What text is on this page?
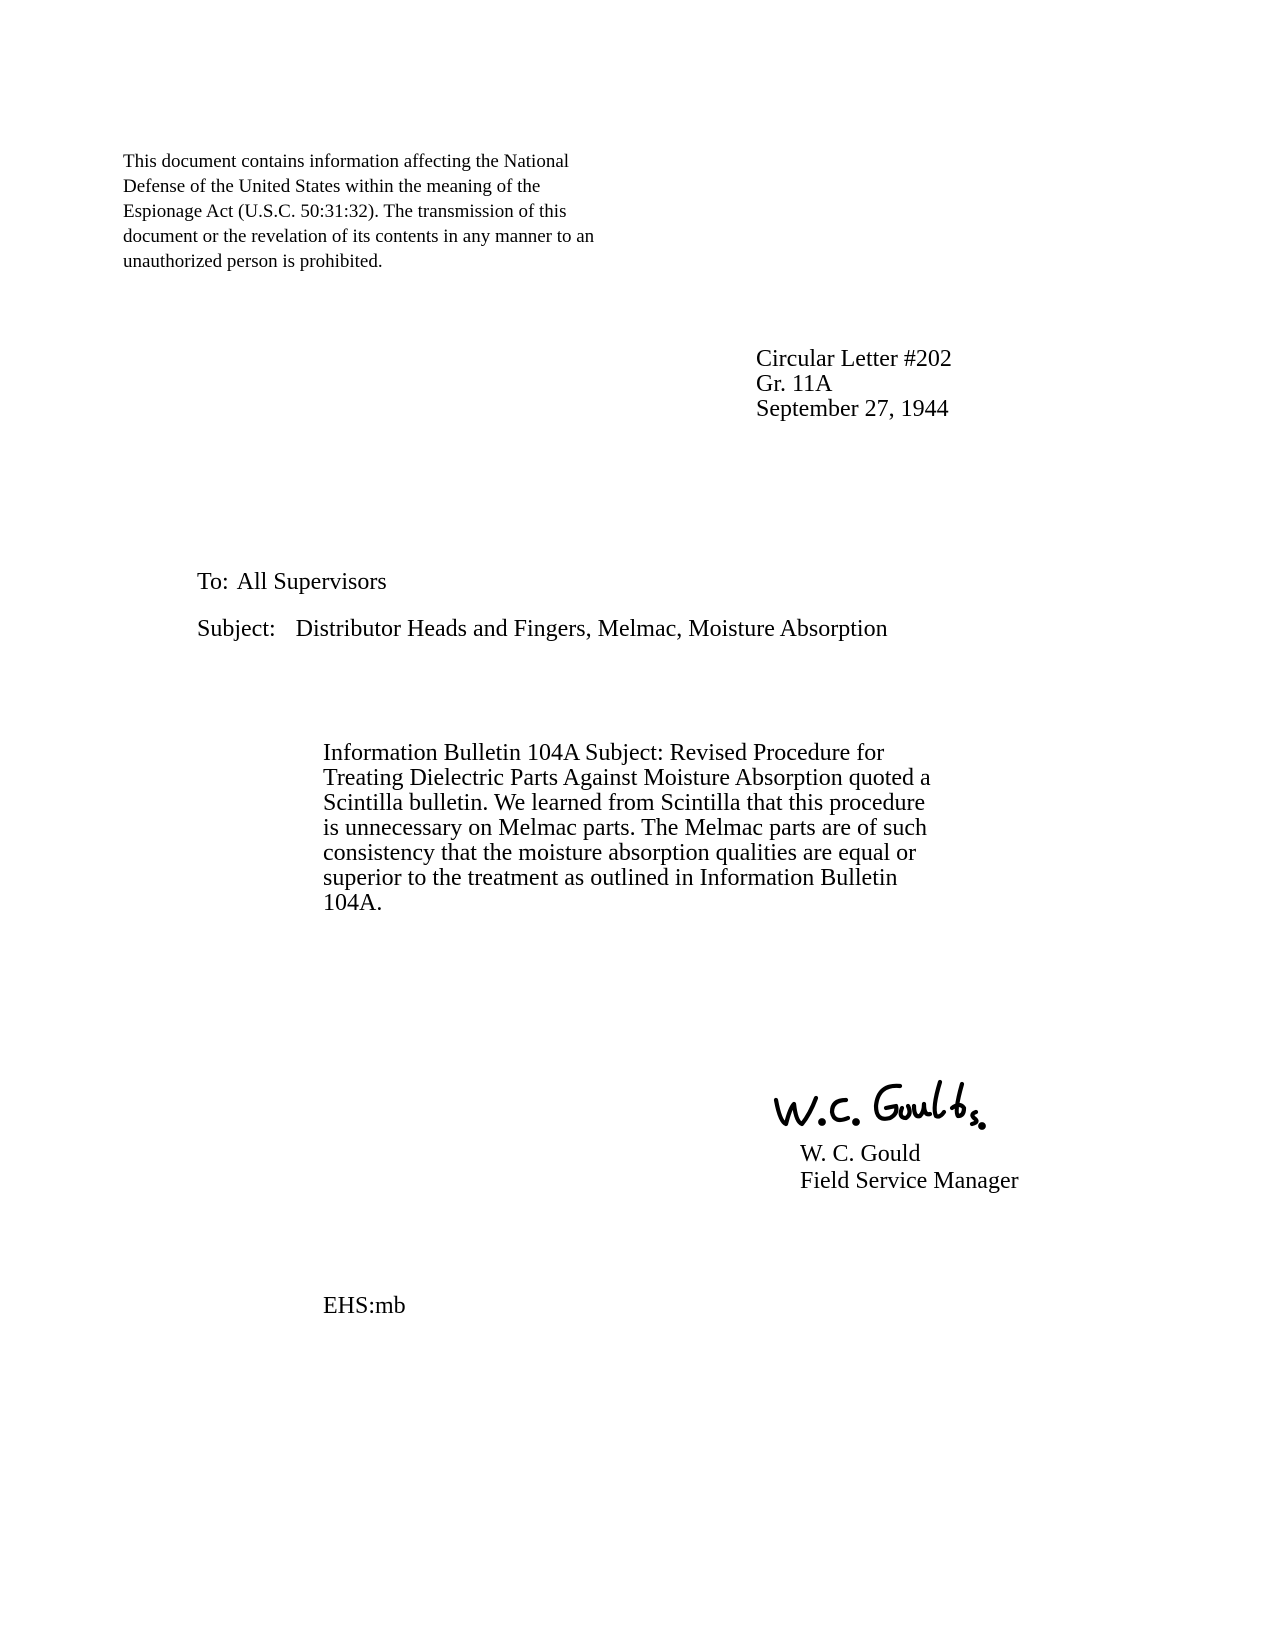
This document contains information affecting the National
Defense of the United States within the meaning of the
Espionage Act (U.S.C. 50:31:32). The transmission of this
document or the revelation of its contents in any manner to an
unauthorized person is prohibited.
Circular Letter #202
Gr. 11A
September 27, 1944
To: All Supervisors
Subject: Distributor Heads and Fingers, Melmac, Moisture Absorption
Information Bulletin 104A Subject: Revised Procedure for
Treating Dielectric Parts Against Moisture Absorption quoted a
Scintilla bulletin. We learned from Scintilla that this procedure
is unnecessary on Melmac parts. The Melmac parts are of such
consistency that the moisture absorption qualities are equal or
superior to the treatment as outlined in Information Bulletin
104A.
W. C. Gould
Field Service Manager
EHS:mb
